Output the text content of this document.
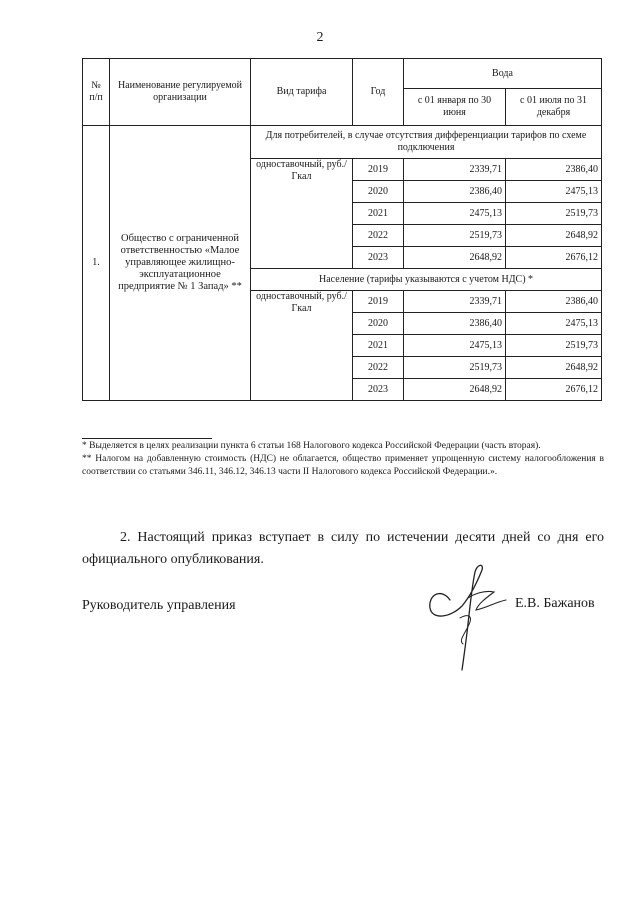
2
№ п/п	Наименование регулируемой организации	Вид тарифа	Год	Вода	
				с 01 января по 30 июня	с 01 июля по 31 декабря
1.	Общество с ограниченной ответственностью «Малое управляющее жилищно-эксплуатационное предприятие № 1 Запад» **	Для потребителей, в случае отсутствия дифференциации тарифов по схеме подключения			
		одноставочный, руб./Гкал	2019	2339,71	2386,40
			2020	2386,40	2475,13
			2021	2475,13	2519,73
			2022	2519,73	2648,92
			2023	2648,92	2676,12
		Население (тарифы указываются с учетом НДС) *			
		одноставочный, руб./Гкал	2019	2339,71	2386,40
			2020	2386,40	2475,13
			2021	2475,13	2519,73
			2022	2519,73	2648,92
			2023	2648,92	2676,12

* Выделяется в целях реализации пункта 6 статьи 168 Налогового кодекса Российской Федерации (часть вторая).

** Налогом на добавленную стоимость (НДС) не облагается, общество применяет упрощенную систему налогообложения в соответствии со статьями 346.11, 346.12, 346.13 части II Налогового кодекса Российской Федерации.».

2. Настоящий приказ вступает в силу по истечении десяти дней со дня его официального опубликования.
Руководитель управления	Е.В. Бажанов
